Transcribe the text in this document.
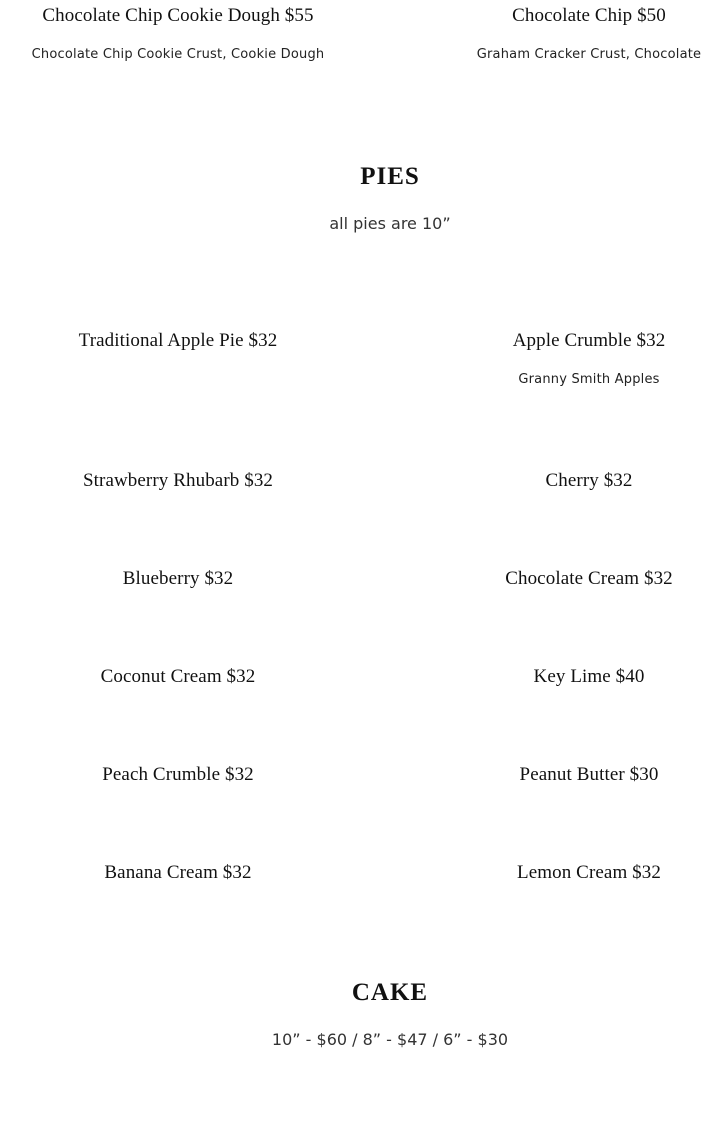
Chocolate Chip Cookie Dough $55

Chocolate Chip Cookie Crust, Cookie Dough

Chocolate Chip $50

Graham Cracker Crust, Chocolate

PIES

all pies are 10”

Traditional Apple Pie $32	Apple Crumble $32

Granny Smith Apples

Strawberry Rhubarb $32	Cherry $32

Blueberry $32	Chocolate Cream $32

Coconut Cream $32	Key Lime $40

Peach Crumble $32	Peanut Butter $30

Banana Cream $32	Lemon Cream $32

CAKE

10” - $60 / 8” - $47 / 6” - $30
